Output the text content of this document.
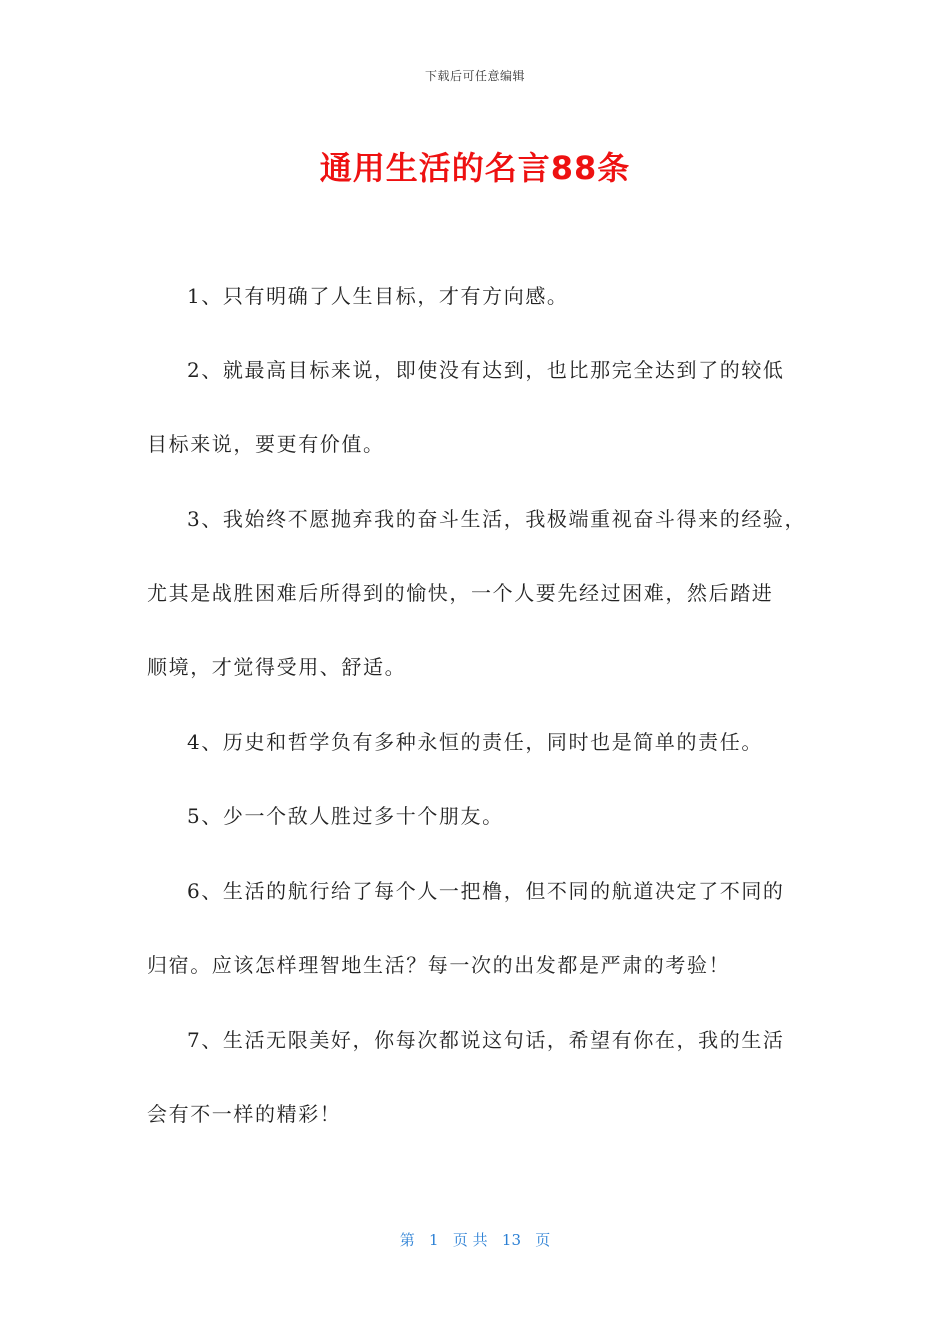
下载后可任意编辑
通用生活的名言88条
1、只有明确了人生目标，才有方向感。
2、就最高目标来说，即使没有达到，也比那完全达到了的较低
目标来说，要更有价值。
3、我始终不愿抛弃我的奋斗生活，我极端重视奋斗得来的经验，
尤其是战胜困难后所得到的愉快，一个人要先经过困难，然后踏进
顺境，才觉得受用、舒适。
4、历史和哲学负有多种永恒的责任，同时也是简单的责任。
5、少一个敌人胜过多十个朋友。
6、生活的航行给了每个人一把橹，但不同的航道决定了不同的
归宿。应该怎样理智地生活？每一次的出发都是严肃的考验！
7、生活无限美好，你每次都说这句话，希望有你在，我的生活
会有不一样的精彩！
第   1   页 共   13   页
